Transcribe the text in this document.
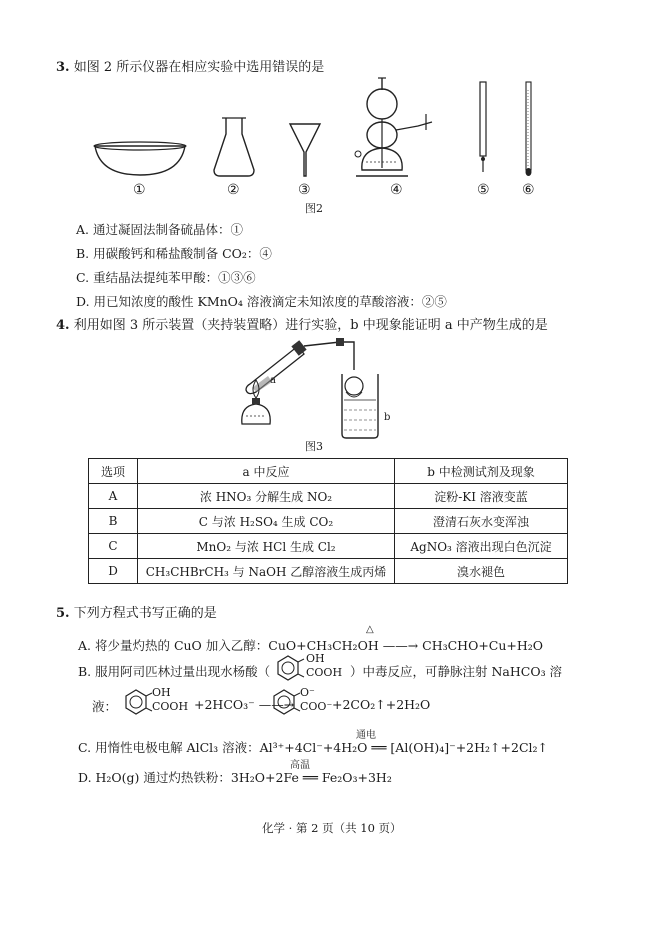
3. 如图 2 所示仪器在相应实验中选用错误的是
①	②	③	④	⑤ ⑥
图2
A. 通过凝固法制备硫晶体：①
B. 用碳酸钙和稀盐酸制备 CO₂：④
C. 重结晶法提纯苯甲酸：①③⑥
D. 用已知浓度的酸性 KMnO₄ 溶液滴定未知浓度的草酸溶液：②⑤
4. 利用如图 3 所示装置（夹持装置略）进行实验，b 中现象能证明 a 中产物生成的是
a
b
图3
选项	a 中反应	b 中检测试剂及现象
A	浓 HNO₃ 分解生成 NO₂	淀粉-KI 溶液变蓝
B	C 与浓 H₂SO₄ 生成 CO₂	澄清石灰水变浑浊
C	MnO₂ 与浓 HCl 生成 Cl₂	AgNO₃ 溶液出现白色沉淀
D	CH₃CHBrCH₃ 与 NaOH 乙醇溶液生成丙烯	溴水褪色
5. 下列方程式书写正确的是
A. 将少量灼热的 CuO 加入乙醇：CuO+CH₃CH₂OH ——→ CH₃CHO+Cu+H₂O
△
B. 服用阿司匹林过量出现水杨酸（
OH
COOH ）中毒反应，可静脉注射 NaHCO₃ 溶
液：
OH
COOH +2HCO₃⁻ ——→
O⁻
COO⁻ +2CO₂↑+2H₂O
通电
C. 用惰性电极电解 AlCl₃ 溶液：Al³⁺+4Cl⁻+4H₂O ══ [Al(OH)₄]⁻+2H₂↑+2Cl₂↑
高温
D. H₂O(g) 通过灼热铁粉：3H₂O+2Fe ══ Fe₂O₃+3H₂
化学 · 第 2 页（共 10 页）
